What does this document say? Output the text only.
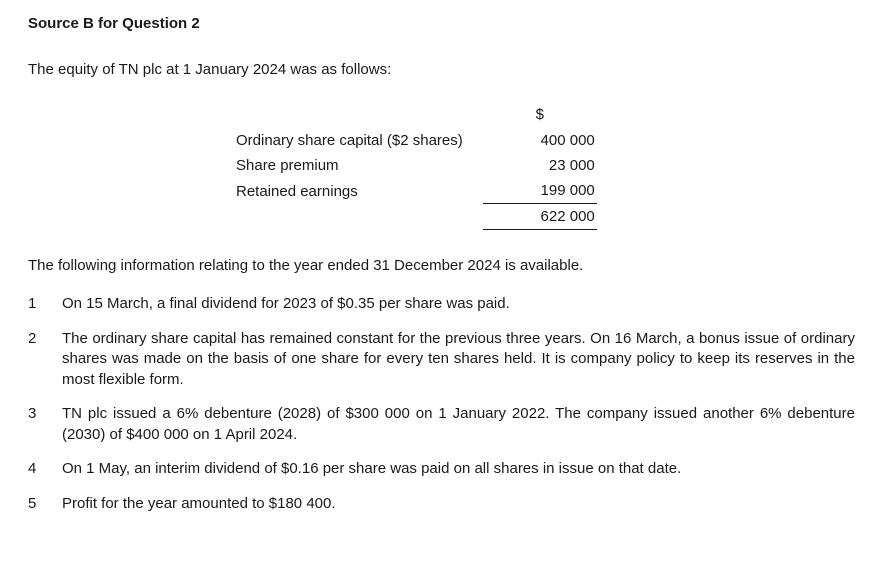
Source B for Question 2
The equity of TN plc at 1 January 2024 was as follows:
	$
Ordinary share capital ($2 shares)	400 000
Share premium	23 000
Retained earnings	199 000
	622 000
The following information relating to the year ended 31 December 2024 is available.
1	On 15 March, a final dividend for 2023 of $0.35 per share was paid.
2	The ordinary share capital has remained constant for the previous three years. On 16 March, a bonus issue of ordinary shares was made on the basis of one share for every ten shares held. It is company policy to keep its reserves in the most flexible form.
3	TN plc issued a 6% debenture (2028) of $300 000 on 1 January 2022. The company issued another 6% debenture (2030) of $400 000 on 1 April 2024.
4	On 1 May, an interim dividend of $0.16 per share was paid on all shares in issue on that date.
5	Profit for the year amounted to $180 400.
